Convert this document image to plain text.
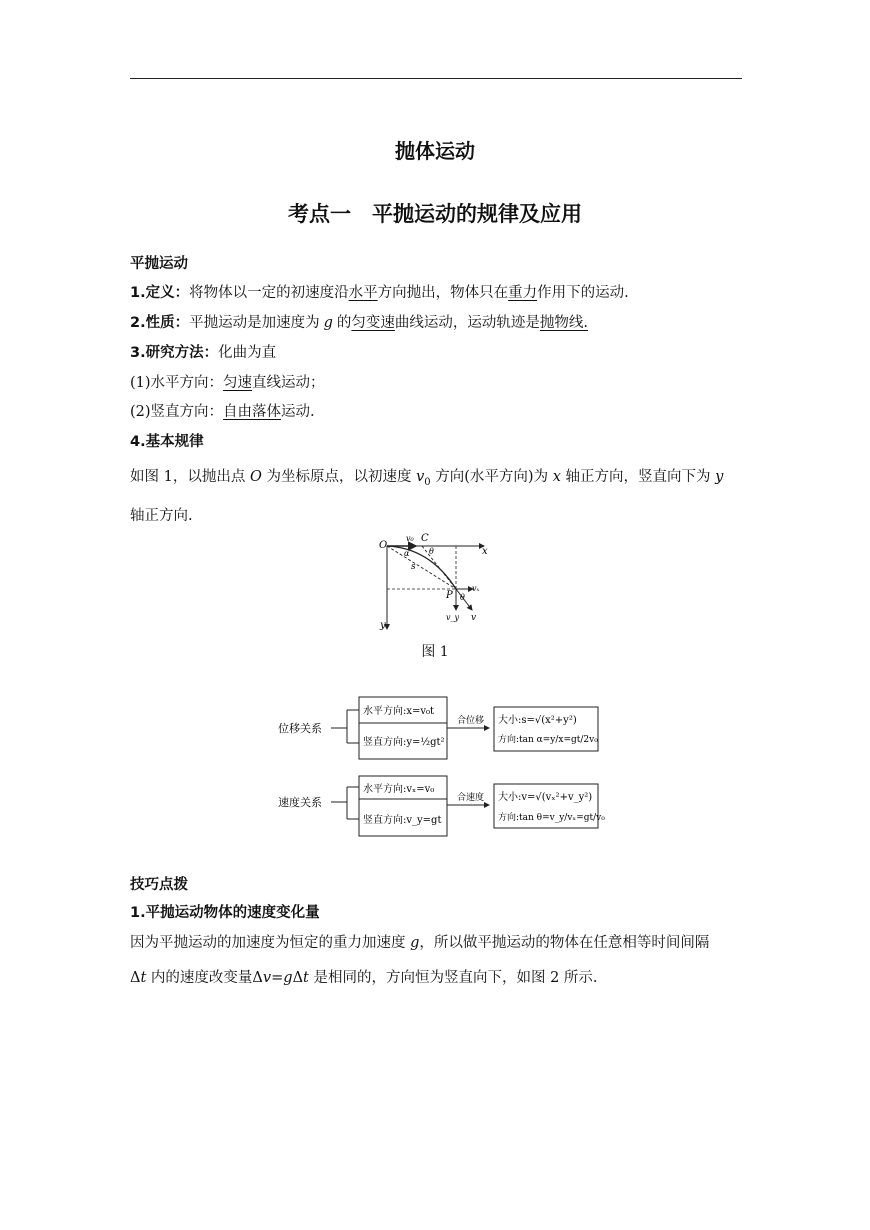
抛体运动
考点一　平抛运动的规律及应用
平抛运动
1.定义：将物体以一定的初速度沿水平方向抛出，物体只在重力作用下的运动.
2.性质：平抛运动是加速度为 g 的匀变速曲线运动，运动轨迹是抛物线.
3.研究方法：化曲为直
(1)水平方向：匀速直线运动；
(2)竖直方向：自由落体运动.
4.基本规律
如图 1，以抛出点 O 为坐标原点，以初速度 $v_0$ 方向(水平方向)为 x 轴正方向，竖直向下为 y
轴正方向.
O
x
y
v₀ C
θ
α
s
P
vₓ
v_y v
θ
图 1
位移关系
水平方向:x=v₀t
竖直方向:y=½gt²
合位移 大小:s=√(x²+y²)
方向:tan α=y/x=gt/2v₀
速度关系
水平方向:vₓ=v₀
竖直方向:v_y=gt
合速度 大小:v=√(vₓ²+v_y²)
方向:tan θ=v_y/vₓ=gt/v₀
技巧点拨
1.平抛运动物体的速度变化量
因为平抛运动的加速度为恒定的重力加速度 g，所以做平抛运动的物体在任意相等时间间隔
Δt 内的速度改变量Δv=gΔt 是相同的，方向恒为竖直向下，如图 2 所示.
